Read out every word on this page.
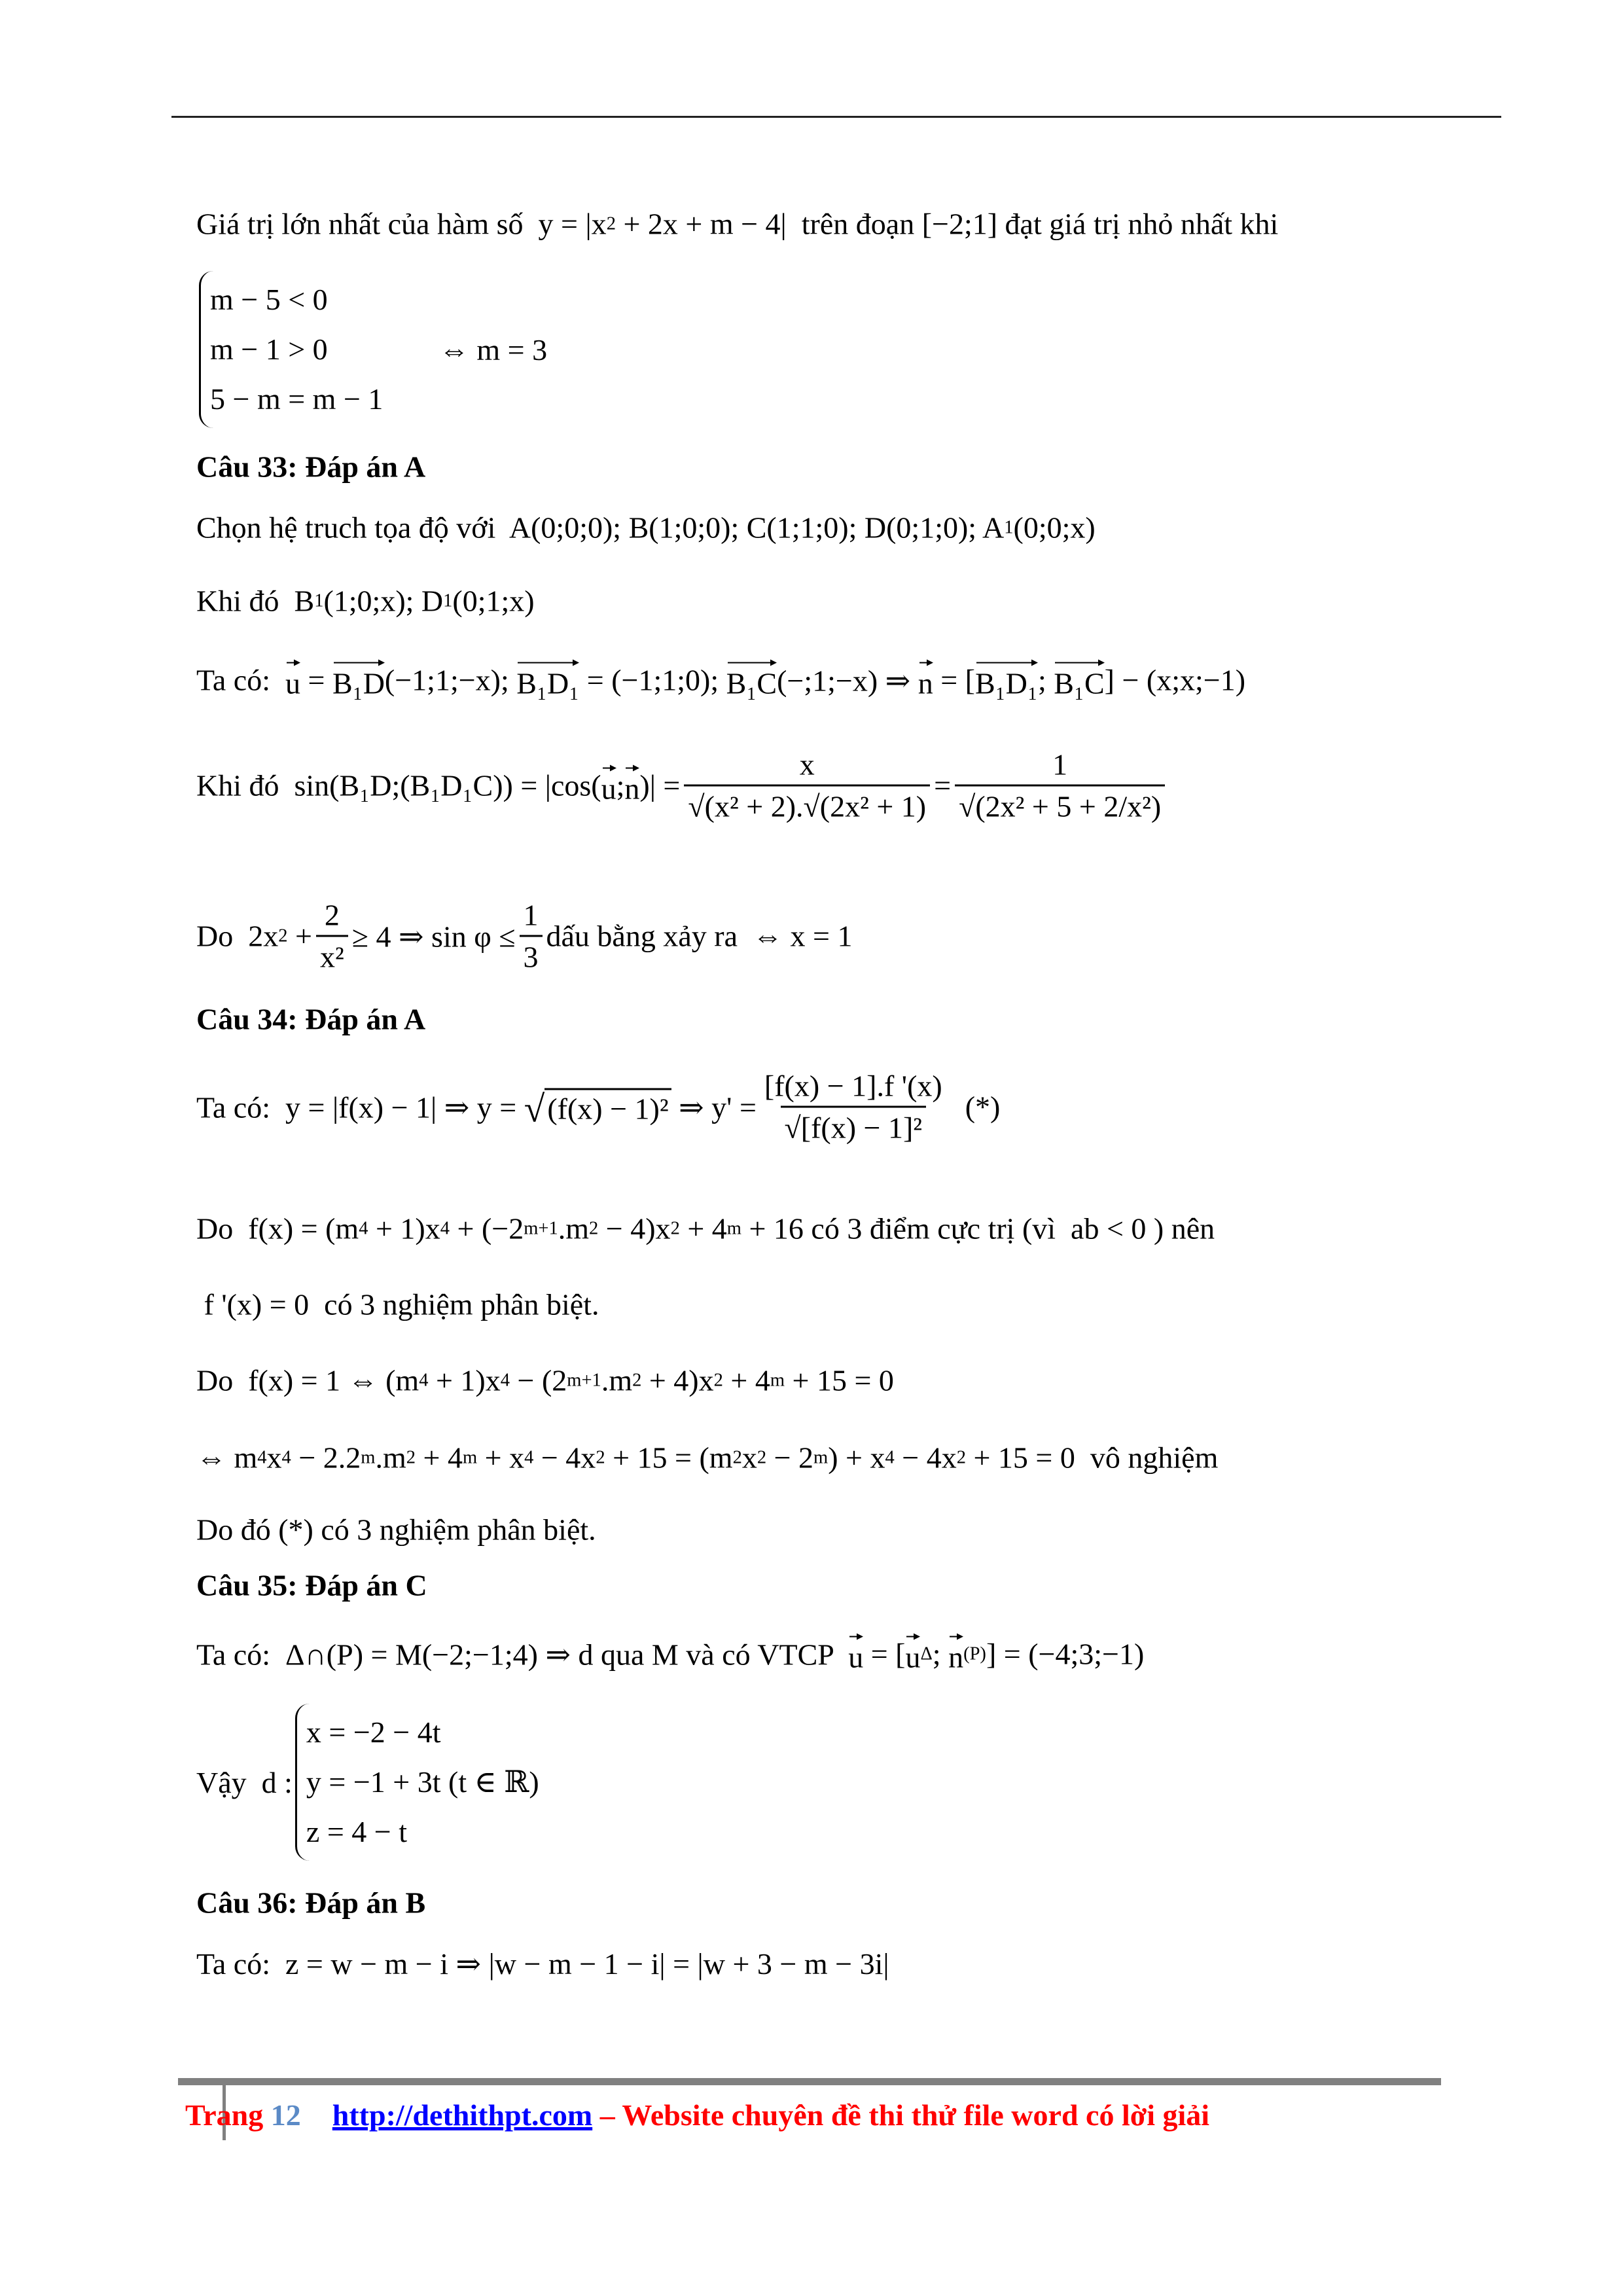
Giá trị lớn nhất của hàm số  y = |x 2 + 2x + m − 4|  trên đoạn [−2;1] đạt giá trị nhỏ nhất khi
m − 5 < 0
m − 1 > 0
5 − m = m − 1
⇔ m = 3
Câu 33: Đáp án A
Chọn hệ truch tọa độ với  A(0;0;0); B(1;0;0); C(1;1;0); D(0;1;0); A 1 (0;0;x)
Khi đó  B 1 (1;0;x); D 1 (0;1;x)
Ta có: u = B₁D (−1;1;−x); B₁D₁ = (−1;1;0); B₁C (−;1;−x) ⇒ n = [ B₁D₁ ; B₁C ] − (x;x;−1)
Khi đó  sin(B₁D;(B₁D₁C)) = |cos( u ; n )| = $\frac{x}{\text{√(x² + 2).√(2x² + 1)}} = \frac{1}{\text{√(2x² + 5 + 2/x²)}}$
Do  2x $2 + \frac{2}{\text{x²}} \ge 4$ ⇒ $\sin \varphi \le \frac{1}{3}$ dấu bằng xảy ra  ⇔ x = 1
Câu 34: Đáp án A
Ta có:  y = |f(x) − 1| ⇒ y = √ (f(x) − 1)² ⇒ $y' = \frac{[f(x) - 1].f '(x)}{\text{√[f(x) − 1]²}}$ (*)
Do  f(x) = (m 4 + 1)x 4 + (−2 m+1 .m 2 − 4)x 2 + 4 m + 16 có 3 điểm cực trị (vì  ab < 0 ) nên
f '(x) = 0  có 3 nghiệm phân biệt.
Do  f(x) = 1 ⇔ (m 4 + 1)x 4 − (2 m+1 .m 2 + 4)x 2 + 4 m + 15 = 0
⇔ m 4 x 4 − 2.2 m .m 2 + 4 m + x 4 − 4x 2 + 15 = (m 2 x 2 − 2 m ) + x 4 − 4x 2 + 15 = 0  vô nghiệm
Do đó (*) có 3 nghiệm phân biệt.
Câu 35: Đáp án C
Ta có:  Δ∩(P) = M(−2;−1;4) ⇒ d qua M và có VTCP u = [ u Δ ; n (P) ] = (−4;3;−1)
Vậy  d :
x = −2 − 4t
y = −1 + 3t (t ∈ ℝ)
z = 4 − t
Câu 36: Đáp án B
Ta có:  z = w − m − i ⇒ |w − m − 1 − i| = |w + 3 − m − 3i|
Trang 12 http://dethithpt.com – Website chuyên đề thi thử file word có lời giải
